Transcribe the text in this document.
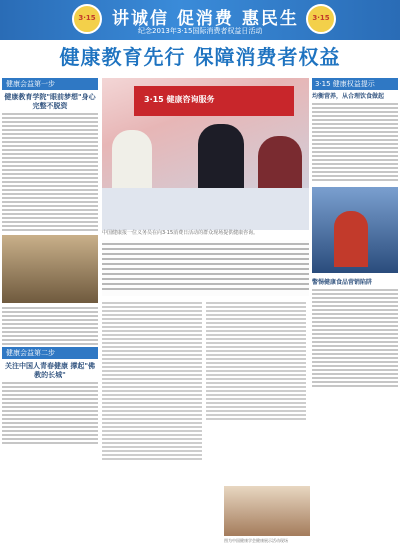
3·15 讲诚信 促消费 惠民生
纪念2013年3·15国际消费者权益日活动
3·15
健康教育先行 保障消费者权益
健康会益第一步
健康教育学院"眼前梦想"身心完整不脱资
健康会益第二步
关注中国人青春健康 撑起"佛教的长城"
3·15 健康咨询服务
中国健康报一位义务员在向3·15消费日活动的群众现场提供健康咨询。
3·15 健康权益提示
均衡营养，从合理饮食做起
警惕健康食品营销陷阱
图为中国健康学会健康展示活动现场
